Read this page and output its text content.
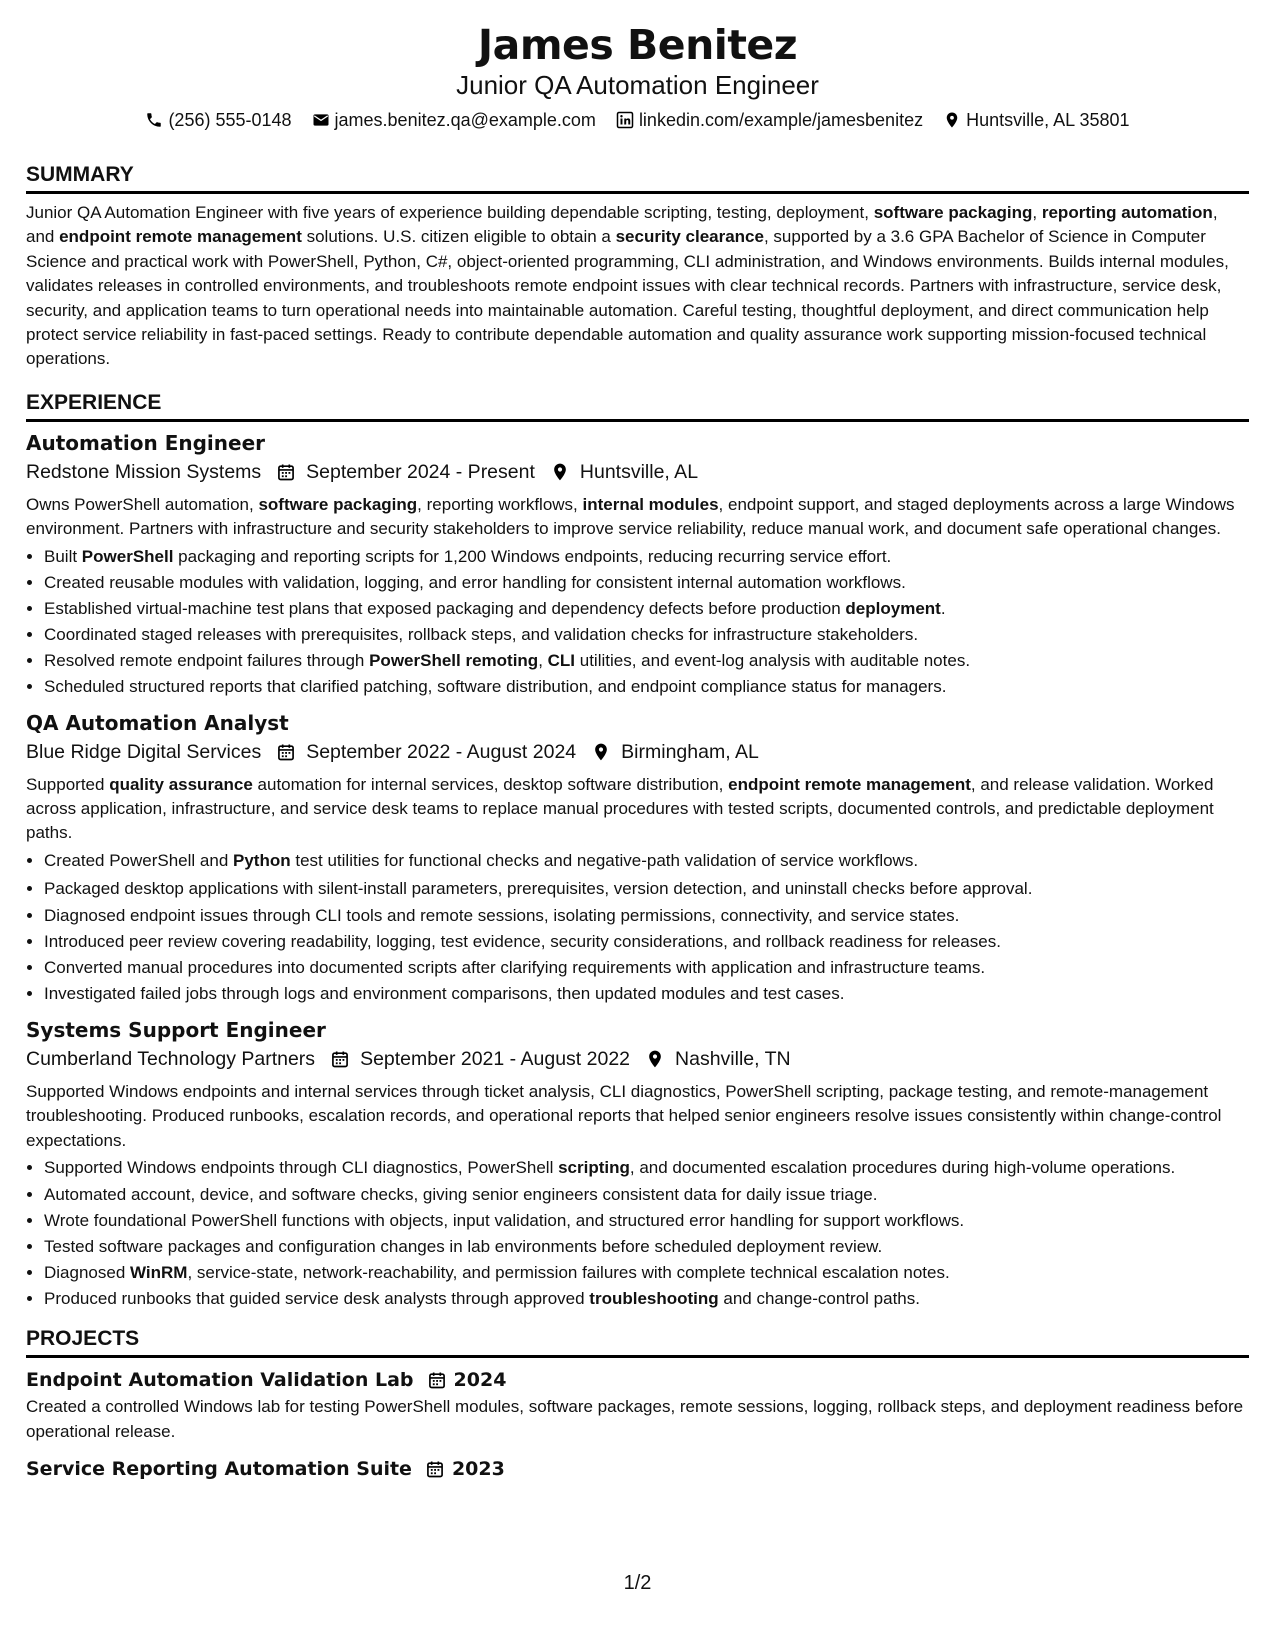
James Benitez
Junior QA Automation Engineer
(256) 555-0148 james.benitez.qa@example.com linkedin.com/example/jamesbenitez Huntsville, AL 35801
SUMMARY
Junior QA Automation Engineer with five years of experience building dependable scripting, testing, deployment, software packaging, reporting automation, and endpoint remote management solutions. U.S. citizen eligible to obtain a security clearance, supported by a 3.6 GPA Bachelor of Science in Computer Science and practical work with PowerShell, Python, C#, object-oriented programming, CLI administration, and Windows environments. Builds internal modules, validates releases in controlled environments, and troubleshoots remote endpoint issues with clear technical records. Partners with infrastructure, service desk, security, and application teams to turn operational needs into maintainable automation. Careful testing, thoughtful deployment, and direct communication help protect service reliability in fast-paced settings. Ready to contribute dependable automation and quality assurance work supporting mission-focused technical operations.
EXPERIENCE
Automation Engineer
Redstone Mission Systems September 2024 - Present Huntsville, AL
Owns PowerShell automation, software packaging, reporting workflows, internal modules, endpoint support, and staged deployments across a large Windows environment. Partners with infrastructure and security stakeholders to improve service reliability, reduce manual work, and document safe operational changes.
• Built PowerShell packaging and reporting scripts for 1,200 Windows endpoints, reducing recurring service effort.
• Created reusable modules with validation, logging, and error handling for consistent internal automation workflows.
• Established virtual-machine test plans that exposed packaging and dependency defects before production deployment.
• Coordinated staged releases with prerequisites, rollback steps, and validation checks for infrastructure stakeholders.
• Resolved remote endpoint failures through PowerShell remoting, CLI utilities, and event-log analysis with auditable notes.
• Scheduled structured reports that clarified patching, software distribution, and endpoint compliance status for managers.
QA Automation Analyst
Blue Ridge Digital Services September 2022 - August 2024 Birmingham, AL
Supported quality assurance automation for internal services, desktop software distribution, endpoint remote management, and release validation. Worked across application, infrastructure, and service desk teams to replace manual procedures with tested scripts, documented controls, and predictable deployment paths.
• Created PowerShell and Python test utilities for functional checks and negative-path validation of service workflows.
• Packaged desktop applications with silent-install parameters, prerequisites, version detection, and uninstall checks before approval.
• Diagnosed endpoint issues through CLI tools and remote sessions, isolating permissions, connectivity, and service states.
• Introduced peer review covering readability, logging, test evidence, security considerations, and rollback readiness for releases.
• Converted manual procedures into documented scripts after clarifying requirements with application and infrastructure teams.
• Investigated failed jobs through logs and environment comparisons, then updated modules and test cases.
Systems Support Engineer
Cumberland Technology Partners September 2021 - August 2022 Nashville, TN
Supported Windows endpoints and internal services through ticket analysis, CLI diagnostics, PowerShell scripting, package testing, and remote-management troubleshooting. Produced runbooks, escalation records, and operational reports that helped senior engineers resolve issues consistently within change-control expectations.
• Supported Windows endpoints through CLI diagnostics, PowerShell scripting, and documented escalation procedures during high-volume operations.
• Automated account, device, and software checks, giving senior engineers consistent data for daily issue triage.
• Wrote foundational PowerShell functions with objects, input validation, and structured error handling for support workflows.
• Tested software packages and configuration changes in lab environments before scheduled deployment review.
• Diagnosed WinRM, service-state, network-reachability, and permission failures with complete technical escalation notes.
• Produced runbooks that guided service desk analysts through approved troubleshooting and change-control paths.
PROJECTS
Endpoint Automation Validation Lab 2024
Created a controlled Windows lab for testing PowerShell modules, software packages, remote sessions, logging, rollback steps, and deployment readiness before operational release.
Service Reporting Automation Suite 2023
1/2
